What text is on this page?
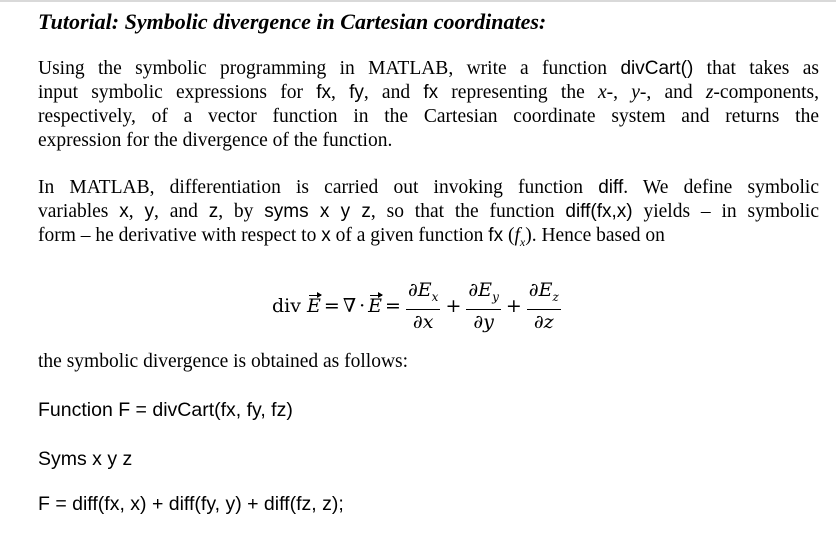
Tutorial: Symbolic divergence in Cartesian coordinates:
Using the symbolic programming in MATLAB, write a function divCart() that takes as
input symbolic expressions for fx, fy, and fx representing the x-, y-, and z-components,
respectively, of a vector function in the Cartesian coordinate system and returns the
expression for the divergence of the function.
In MATLAB, differentiation is carried out invoking function diff. We define symbolic
variables x, y, and z, by syms x y z, so that the function diff(fx,x) yields – in symbolic
form – he derivative with respect to x of a given function fx $(f_x)$. Hence based on
div
E = ∇ · $E = \frac{\partial E_x}{\partial x} + \frac{\partial E_y}{\partial y} + \frac{\partial E_z}{\partial z}$
the symbolic divergence is obtained as follows:
Function F = divCart(fx, fy, fz)
Syms x y z
F = diff(fx, x) + diff(fy, y) + diff(fz, z);
